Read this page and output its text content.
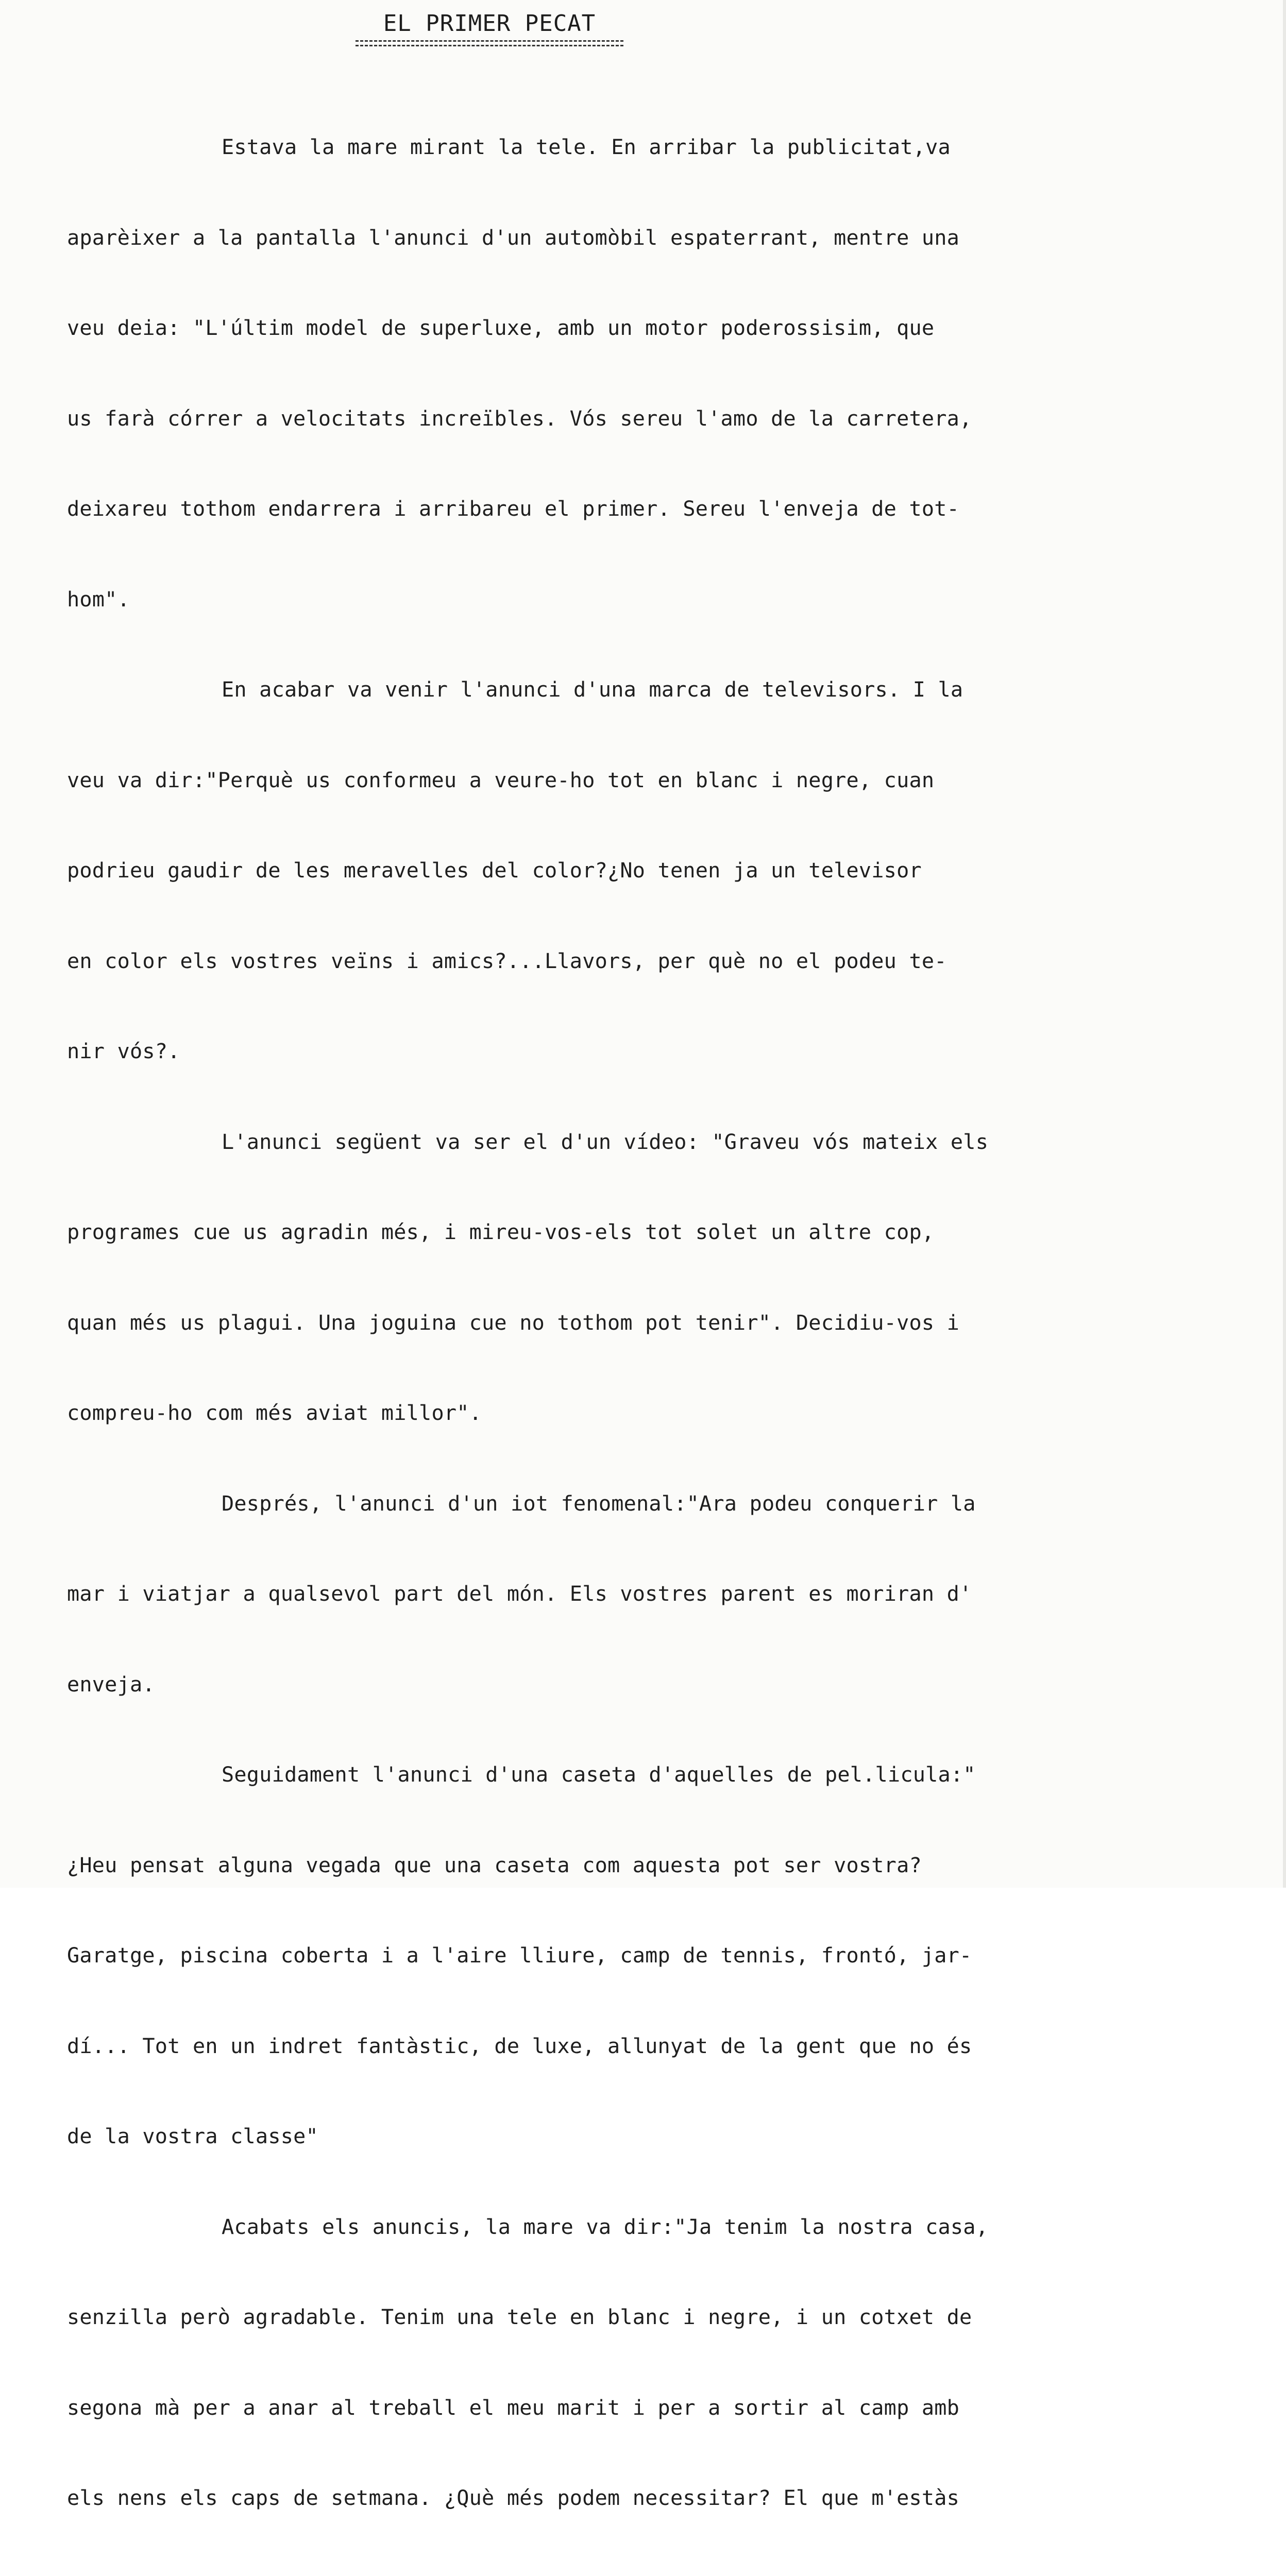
EL PRIMER PECAT

Estava la mare mirant la tele. En arribar la publicitat,va

aparèixer a la pantalla l'anunci d'un automòbil espaterrant, mentre una

veu deia: "L'últim model de superluxe, amb un motor poderossisim, que

us farà córrer a velocitats increïbles. Vós sereu l'amo de la carretera,

deixareu tothom endarrera i arribareu el primer. Sereu l'enveja de tot-

hom".

En acabar va venir l'anunci d'una marca de televisors. I la

veu va dir:"Perquè us conformeu a veure-ho tot en blanc i negre, cuan

podrieu gaudir de les meravelles del color?¿No tenen ja un televisor

en color els vostres veïns i amics?...Llavors, per què no el podeu te-

nir vós?.

L'anunci següent va ser el d'un vídeo: "Graveu vós mateix els

programes cue us agradin més, i mireu-vos-els tot solet un altre cop,

quan més us plagui. Una joguina cue no tothom pot tenir". Decidiu-vos i

compreu-ho com més aviat millor".

Després, l'anunci d'un iot fenomenal:"Ara podeu conquerir la

mar i viatjar a qualsevol part del món. Els vostres parent es moriran d'

enveja.

Seguidament l'anunci d'una caseta d'aquelles de pel.licula:"

¿Heu pensat alguna vegada que una caseta com aquesta pot ser vostra?

Garatge, piscina coberta i a l'aire lliure, camp de tennis, frontó, jar-

dí... Tot en un indret fantàstic, de luxe, allunyat de la gent que no és

de la vostra classe"

Acabats els anuncis, la mare va dir:"Ja tenim la nostra casa,

senzilla però agradable. Tenim una tele en blanc i negre, i un cotxet de

segona mà per a anar al treball el meu marit i per a sortir al camp amb

els nens els caps de setmana. ¿Què més podem necessitar? El que m'estàs
